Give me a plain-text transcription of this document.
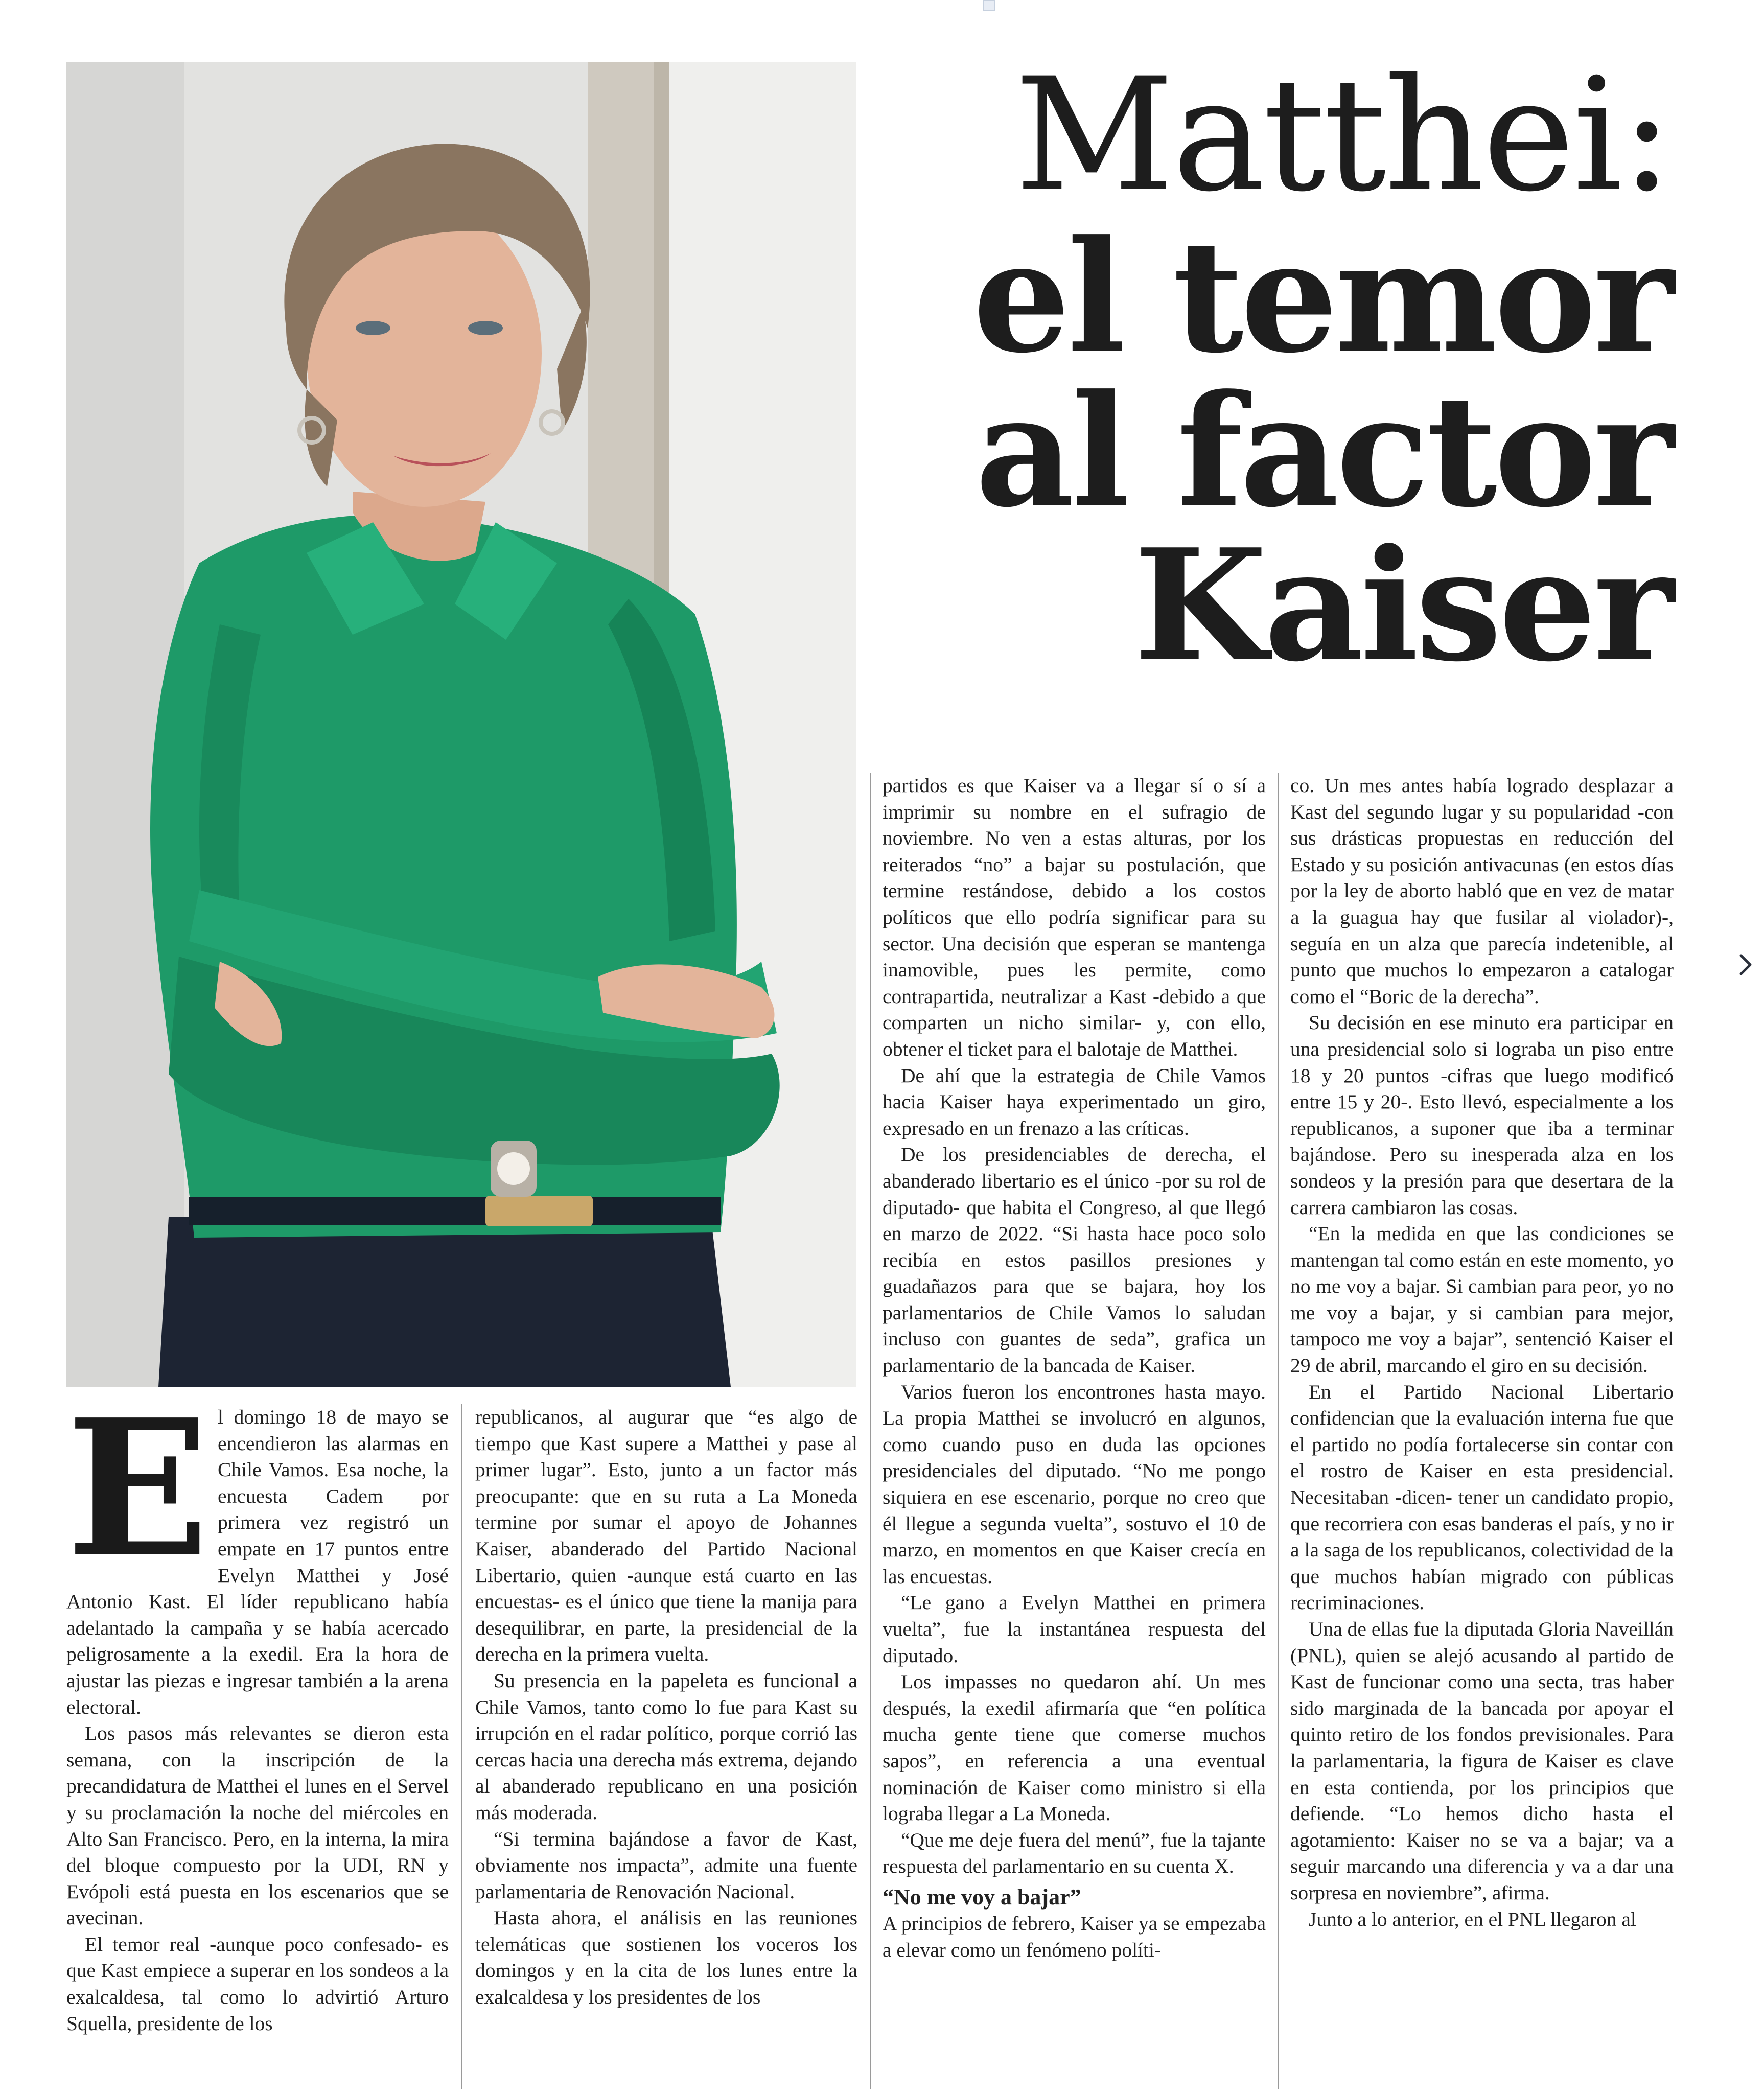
Matthei:
el temor
al factor
Kaiser
E l domingo 18 de mayo se encendieron las alarmas en Chile Vamos. Esa noche, la encuesta Cadem por primera vez registró un empate en 17 puntos entre Evelyn Matthei y José Antonio Kast. El líder republicano había adelantado la campaña y se había acercado peligrosamente a la exedil. Era la hora de ajustar las piezas e ingresar también a la arena electoral.

Los pasos más relevantes se dieron esta semana, con la inscripción de la precandidatura de Matthei el lunes en el Servel y su proclamación la noche del miércoles en Alto San Francisco. Pero, en la interna, la mira del bloque compuesto por la UDI, RN y Evópoli está puesta en los escenarios que se avecinan.

El temor real -aunque poco confesado- es que Kast empiece a superar en los sondeos a la exalcaldesa, tal como lo advirtió Arturo Squella, presidente de los

republicanos, al augurar que “es algo de tiempo que Kast supere a Matthei y pase al primer lugar”. Esto, junto a un factor más preocupante: que en su ruta a La Moneda termine por sumar el apoyo de Johannes Kaiser, abanderado del Partido Nacional Libertario, quien -aunque está cuarto en las encuestas- es el único que tiene la manija para desequilibrar, en parte, la presidencial de la derecha en la primera vuelta.

Su presencia en la papeleta es funcional a Chile Vamos, tanto como lo fue para Kast su irrupción en el radar político, porque corrió las cercas hacia una derecha más extrema, dejando al abanderado republicano en una posición más moderada.

“Si termina bajándose a favor de Kast, obviamente nos impacta”, admite una fuente parlamentaria de Renovación Nacional.

Hasta ahora, el análisis en las reuniones telemáticas que sostienen los voceros los domingos y en la cita de los lunes entre la exalcaldesa y los presidentes de los

partidos es que Kaiser va a llegar sí o sí a imprimir su nombre en el sufragio de noviembre. No ven a estas alturas, por los reiterados “no” a bajar su postulación, que termine restándose, debido a los costos políticos que ello podría significar para su sector. Una decisión que esperan se mantenga inamovible, pues les permite, como contrapartida, neutralizar a Kast -debido a que comparten un nicho similar- y, con ello, obtener el ticket para el balotaje de Matthei.

De ahí que la estrategia de Chile Vamos hacia Kaiser haya experimentado un giro, expresado en un frenazo a las críticas.

De los presidenciables de derecha, el abanderado libertario es el único -por su rol de diputado- que habita el Congreso, al que llegó en marzo de 2022. “Si hasta hace poco solo recibía en estos pasillos presiones y guadañazos para que se bajara, hoy los parlamentarios de Chile Vamos lo saludan incluso con guantes de seda”, grafica un parlamentario de la bancada de Kaiser.

Varios fueron los encontrones hasta mayo. La propia Matthei se involucró en algunos, como cuando puso en duda las opciones presidenciales del diputado. “No me pongo siquiera en ese escenario, porque no creo que él llegue a segunda vuelta”, sostuvo el 10 de marzo, en momentos en que Kaiser crecía en las encuestas.

“Le gano a Evelyn Matthei en primera vuelta”, fue la instantánea respuesta del diputado.

Los impasses no quedaron ahí. Un mes después, la exedil afirmaría que “en política mucha gente tiene que comerse muchos sapos”, en referencia a una eventual nominación de Kaiser como ministro si ella lograba llegar a La Moneda.

“Que me deje fuera del menú”, fue la tajante respuesta del parlamentario en su cuenta X.

“No me voy a bajar”

A principios de febrero, Kaiser ya se empezaba a elevar como un fenómeno políti-

co. Un mes antes había logrado desplazar a Kast del segundo lugar y su popularidad -con sus drásticas propuestas en reducción del Estado y su posición antivacunas (en estos días por la ley de aborto habló que en vez de matar a la guagua hay que fusilar al violador)-, seguía en un alza que parecía indetenible, al punto que muchos lo empezaron a catalogar como el “Boric de la derecha”.

Su decisión en ese minuto era participar en una presidencial solo si lograba un piso entre 18 y 20 puntos -cifras que luego modificó entre 15 y 20-. Esto llevó, especialmente a los republicanos, a suponer que iba a terminar bajándose. Pero su inesperada alza en los sondeos y la presión para que desertara de la carrera cambiaron las cosas.

“En la medida en que las condiciones se mantengan tal como están en este momento, yo no me voy a bajar. Si cambian para peor, yo no me voy a bajar, y si cambian para mejor, tampoco me voy a bajar”, sentenció Kaiser el 29 de abril, marcando el giro en su decisión.

En el Partido Nacional Libertario confidencian que la evaluación interna fue que el partido no podía fortalecerse sin contar con el rostro de Kaiser en esta presidencial. Necesitaban -dicen- tener un candidato propio, que recorriera con esas banderas el país, y no ir a la saga de los republicanos, colectividad de la que muchos habían migrado con públicas recriminaciones.

Una de ellas fue la diputada Gloria Naveillán (PNL), quien se alejó acusando al partido de Kast de funcionar como una secta, tras haber sido marginada de la bancada por apoyar el quinto retiro de los fondos previsionales. Para la parlamentaria, la figura de Kaiser es clave en esta contienda, por los principios que defiende. “Lo hemos dicho hasta el agotamiento: Kaiser no se va a bajar; va a seguir marcando una diferencia y va a dar una sorpresa en noviembre”, afirma.

Junto a lo anterior, en el PNL llegaron al
